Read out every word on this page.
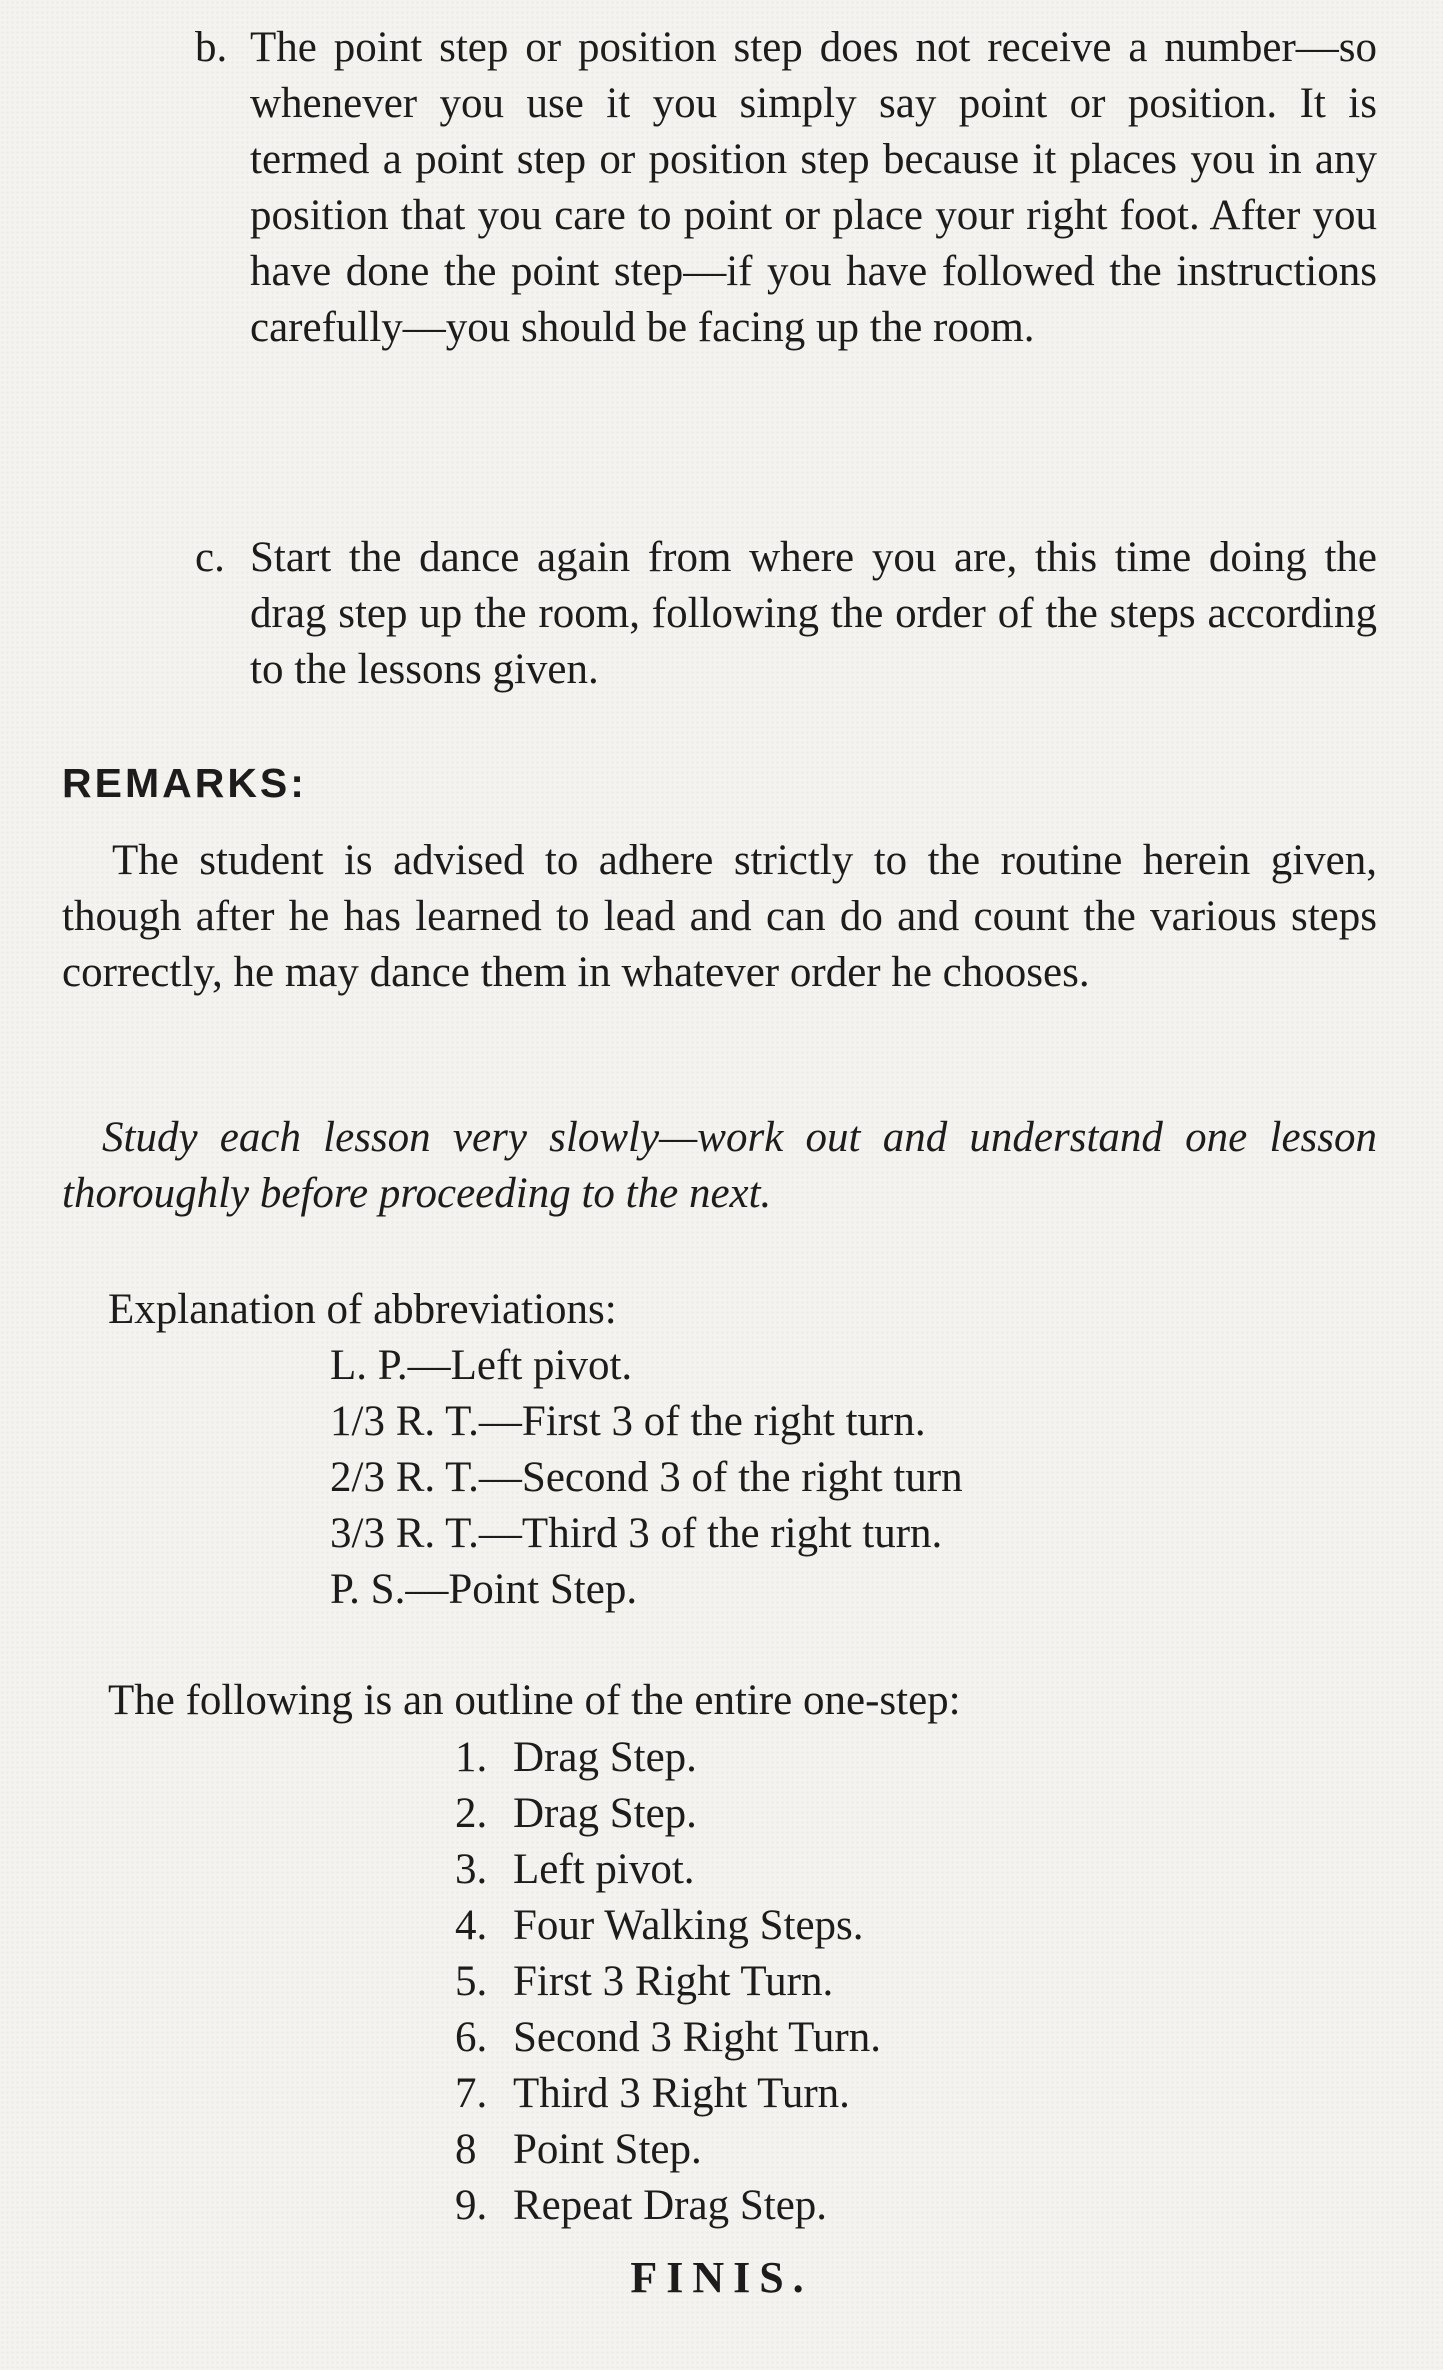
b. The point step or position step does not receive a number—so whenever you use it you simply say point or position. It is termed a point step or position step because it places you in any position that you care to point or place your right foot. After you have done the point step—if you have followed the instructions carefully—you should be facing up the room.
c. Start the dance again from where you are, this time doing the drag step up the room, following the order of the steps according to the lessons given.
REMARKS:
The student is advised to adhere strictly to the routine herein given, though after he has learned to lead and can do and count the various steps correctly, he may dance them in whatever order he chooses.
Study each lesson very slowly—work out and understand one lesson thoroughly before proceeding to the next.
Explanation of abbreviations:
L. P.—Left pivot.
1/3 R. T.—First 3 of the right turn.
2/3 R. T.—Second 3 of the right turn
3/3 R. T.—Third 3 of the right turn.
P. S.—Point Step.
The following is an outline of the entire one-step:
1. Drag Step.
2. Drag Step.
3. Left pivot.
4. Four Walking Steps.
5. First 3 Right Turn.
6. Second 3 Right Turn.
7. Third 3 Right Turn.
8 Point Step.
9. Repeat Drag Step.
FINIS.
